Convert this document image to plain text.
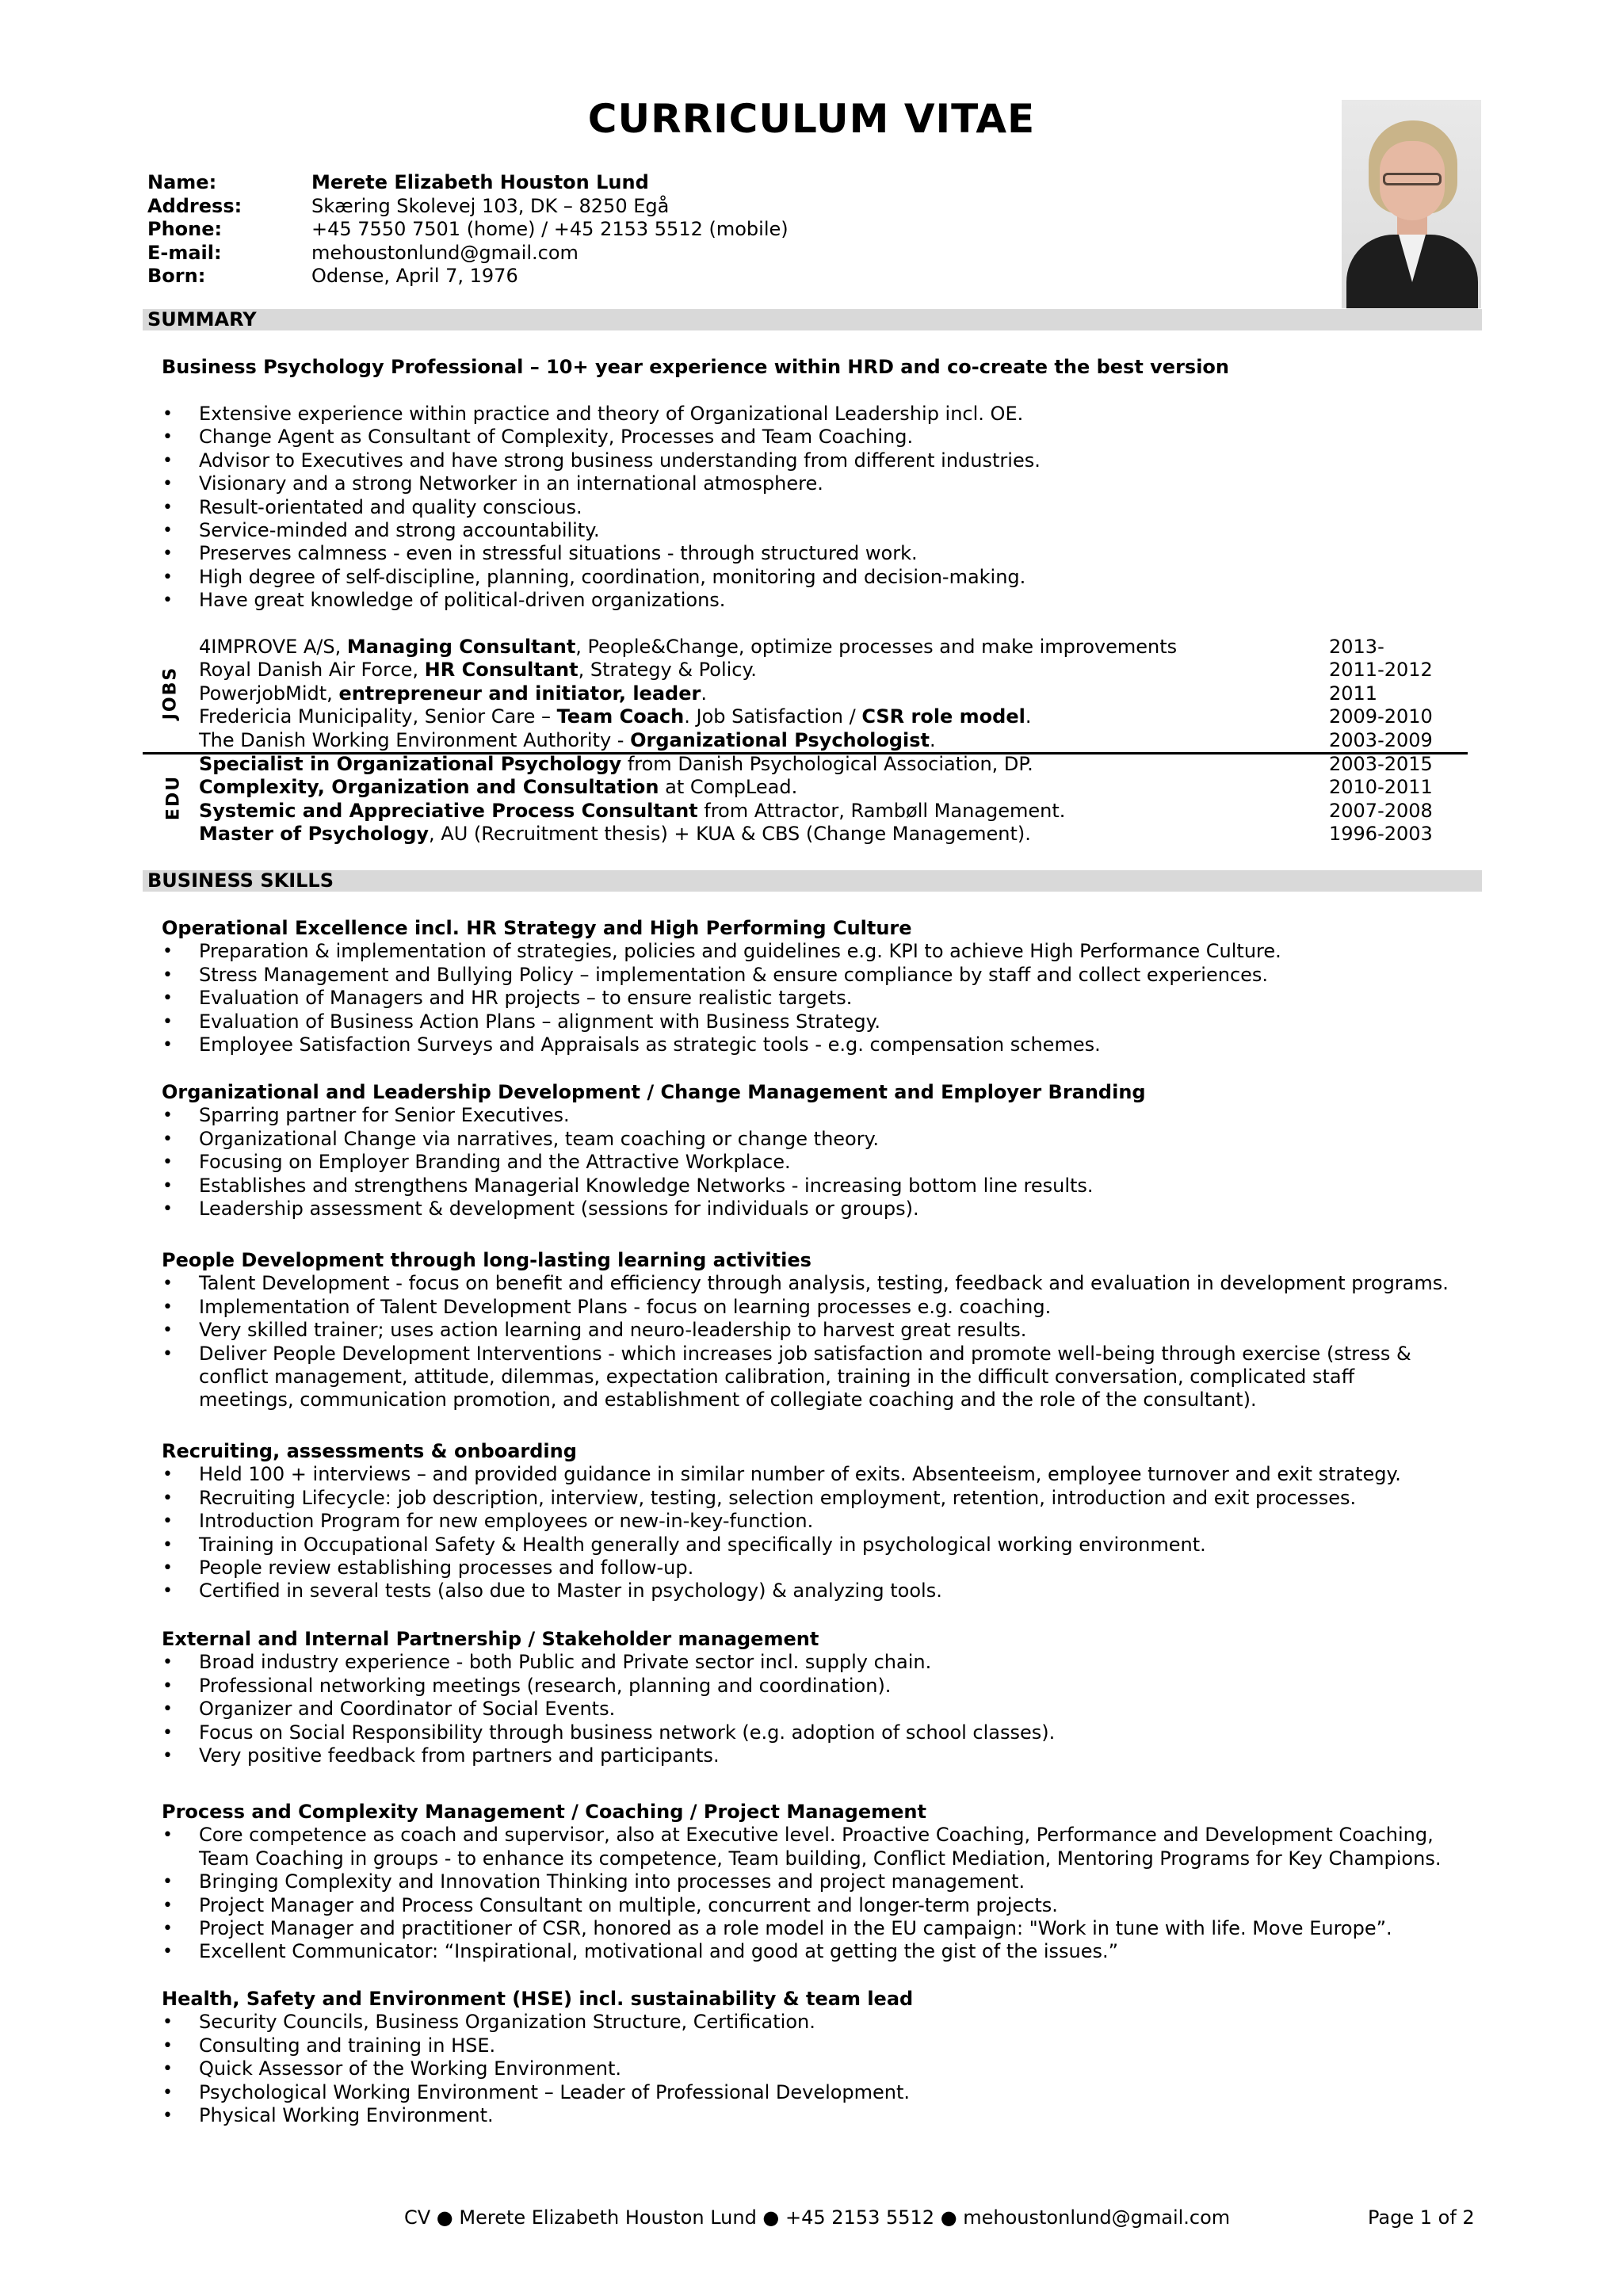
CURRICULUM VITAE
Name:	Merete Elizabeth Houston Lund
Address:	Skæring Skolevej 103, DK – 8250 Egå
Phone:	+45 7550 7501 (home) / +45 2153 5512 (mobile)
E-mail:	mehoustonlund@gmail.com
Born:	Odense, April 7, 1976
SUMMARY
Business Psychology Professional – 10+ year experience within HRD and co-create the best version
• Extensive experience within practice and theory of Organizational Leadership incl. OE.
• Change Agent as Consultant of Complexity, Processes and Team Coaching.
• Advisor to Executives and have strong business understanding from different industries.
• Visionary and a strong Networker in an international atmosphere.
• Result-orientated and quality conscious.
• Service-minded and strong accountability.
• Preserves calmness - even in stressful situations - through structured work.
• High degree of self-discipline, planning, coordination, monitoring and decision-making.
• Have great knowledge of political-driven organizations.
JOBS
4IMPROVE A/S, Managing Consultant, People&Change, optimize processes and make improvements	2013-
Royal Danish Air Force, HR Consultant, Strategy & Policy.	2011-2012
PowerjobMidt, entrepreneur and initiator, leader.	2011
Fredericia Municipality, Senior Care – Team Coach. Job Satisfaction / CSR role model.	2009-2010
The Danish Working Environment Authority - Organizational Psychologist.	2003-2009
EDU
Specialist in Organizational Psychology from Danish Psychological Association, DP.	2003-2015
Complexity, Organization and Consultation at CompLead.	2010-2011
Systemic and Appreciative Process Consultant from Attractor, Rambøll Management.	2007-2008
Master of Psychology, AU (Recruitment thesis) + KUA & CBS (Change Management).	1996-2003
BUSINESS SKILLS
Operational Excellence incl. HR Strategy and High Performing Culture
• Preparation & implementation of strategies, policies and guidelines e.g. KPI to achieve High Performance Culture.
• Stress Management and Bullying Policy – implementation & ensure compliance by staff and collect experiences.
• Evaluation of Managers and HR projects – to ensure realistic targets.
• Evaluation of Business Action Plans – alignment with Business Strategy.
• Employee Satisfaction Surveys and Appraisals as strategic tools - e.g. compensation schemes.
Organizational and Leadership Development / Change Management and Employer Branding
• Sparring partner for Senior Executives.
• Organizational Change via narratives, team coaching or change theory.
• Focusing on Employer Branding and the Attractive Workplace.
• Establishes and strengthens Managerial Knowledge Networks - increasing bottom line results.
• Leadership assessment & development (sessions for individuals or groups).
People Development through long-lasting learning activities
• Talent Development - focus on benefit and efficiency through analysis, testing, feedback and evaluation in development programs.
• Implementation of Talent Development Plans - focus on learning processes e.g. coaching.
• Very skilled trainer; uses action learning and neuro-leadership to harvest great results.
• Deliver People Development Interventions - which increases job satisfaction and promote well-being through exercise (stress &
conflict management, attitude, dilemmas, expectation calibration, training in the difficult conversation, complicated staff
meetings, communication promotion, and establishment of collegiate coaching and the role of the consultant).
Recruiting, assessments & onboarding
• Held 100 + interviews – and provided guidance in similar number of exits. Absenteeism, employee turnover and exit strategy.
• Recruiting Lifecycle: job description, interview, testing, selection employment, retention, introduction and exit processes.
• Introduction Program for new employees or new-in-key-function.
• Training in Occupational Safety & Health generally and specifically in psychological working environment.
• People review establishing processes and follow-up.
• Certified in several tests (also due to Master in psychology) & analyzing tools.
External and Internal Partnership / Stakeholder management
• Broad industry experience - both Public and Private sector incl. supply chain.
• Professional networking meetings (research, planning and coordination).
• Organizer and Coordinator of Social Events.
• Focus on Social Responsibility through business network (e.g. adoption of school classes).
• Very positive feedback from partners and participants.
Process and Complexity Management / Coaching / Project Management
• Core competence as coach and supervisor, also at Executive level. Proactive Coaching, Performance and Development Coaching,
Team Coaching in groups - to enhance its competence, Team building, Conflict Mediation, Mentoring Programs for Key Champions.
• Bringing Complexity and Innovation Thinking into processes and project management.
• Project Manager and Process Consultant on multiple, concurrent and longer-term projects.
• Project Manager and practitioner of CSR, honored as a role model in the EU campaign: "Work in tune with life. Move Europe”.
• Excellent Communicator: “Inspirational, motivational and good at getting the gist of the issues.”
Health, Safety and Environment (HSE) incl. sustainability & team lead
• Security Councils, Business Organization Structure, Certification.
• Consulting and training in HSE.
• Quick Assessor of the Working Environment.
• Psychological Working Environment – Leader of Professional Development.
• Physical Working Environment.
CV ● Merete Elizabeth Houston Lund ● +45 2153 5512 ● mehoustonlund@gmail.com	Page 1 of 2
